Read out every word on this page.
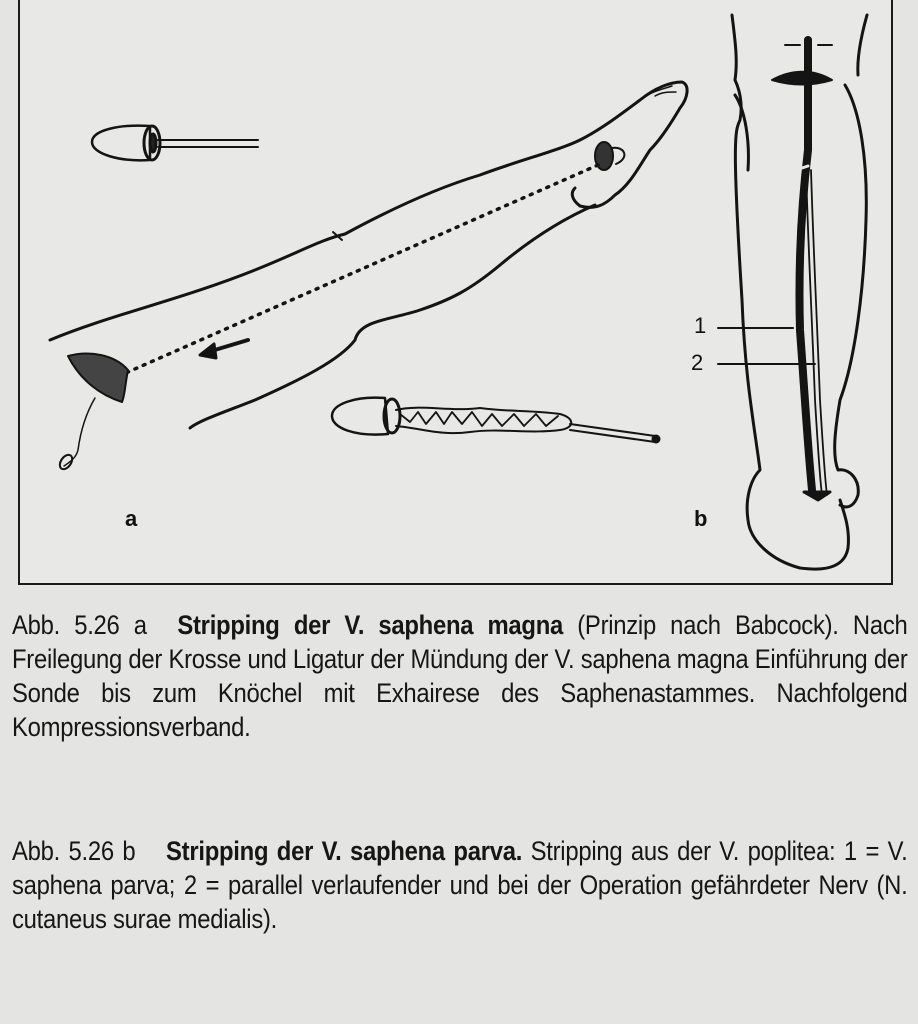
a	b
1
2

Abb. 5.26 a Stripping der V. saphena magna (Prinzip nach Babcock). Nach Freilegung der Krosse und Ligatur der Mündung der V. saphena magna Einführung der Sonde bis zum Knöchel mit Exhairese des Saphenastammes. Nachfolgend Kompressionsverband.

Abb. 5.26 b Stripping der V. saphena parva. Stripping aus der V. poplitea: 1 = V. saphena parva; 2 = parallel verlaufender und bei der Operation gefährdeter Nerv (N. cutaneus surae medialis).
